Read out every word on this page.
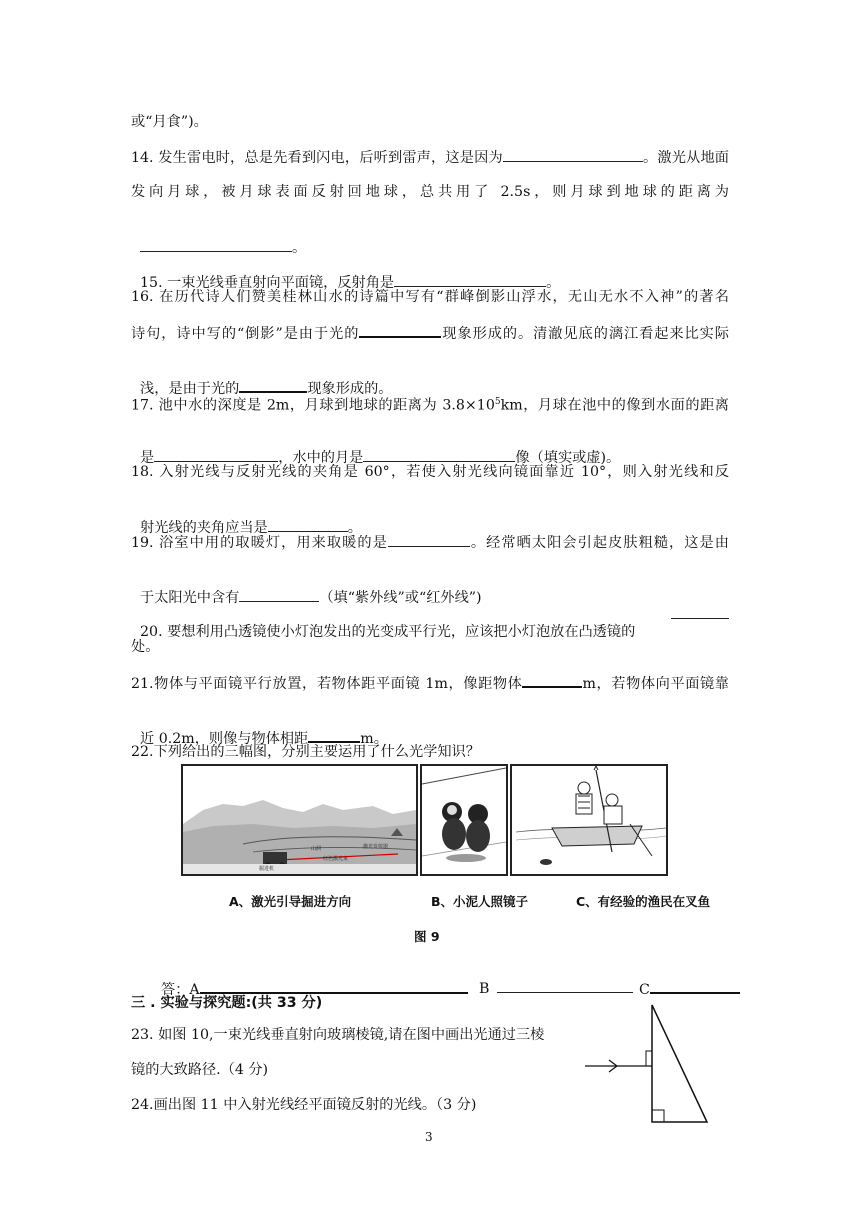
或“月食”)。
14. 发生雷电时，总是先看到闪电，后听到雷声，这是因为	。激光从地面
发向月球，被月球表面反射回地球，总共用了 2.5s，则月球到地球的距离为

。

15. 一束光线垂直射向平面镜，反射角是	。

16. 在历代诗人们赞美桂林山水的诗篇中写有“群峰倒影山浮水，无山无水不入神”的著名
诗句，诗中写的“倒影”是由于光的	现象形成的。清澈见底的漓江看起来比实际

浅，是由于光的	现象形成的。

17. 池中水的深度是 2m，月球到地球的距离为 $3.8\times 10^5km$，月球在池中的像到水面的距离

是	，水中的月是	像（填实或虚)。

18. 入射光线与反射光线的夹角是 60°，若使入射光线向镜面靠近 10°，则入射光线和反

射光线的夹角应当是	。

19. 浴室中用的取暖灯，用来取暖的是	。经常晒太阳会引起皮肤粗糙，这是由

于太阳光中含有	（填“紫外线”或“红外线”)

20. 要想利用凸透镜使小灯泡发出的光变成平行光，应该把小灯泡放在凸透镜的

处。
21.物体与平面镜平行放置，若物体距平面镜 1m，像距物体	m，若物体向平面镜靠

近 0.2m，则像与物体相距	m。

22.下列给出的三幅图，分别主要运用了什么光学知识？
山洞
红色激光束
激光发射器
掘进机
A、激光引导掘进方向	B、小泥人照镜子	C、有经验的渔民在叉鱼
图 9

答：A	B	C

三 . 实验与探究题:(共 33 分)
23. 如图 10,一束光线垂直射向玻璃棱镜,请在图中画出光通过三棱
镜的大致路径.（4 分)
24.画出图 11 中入射光线经平面镜反射的光线。（3 分)
3
